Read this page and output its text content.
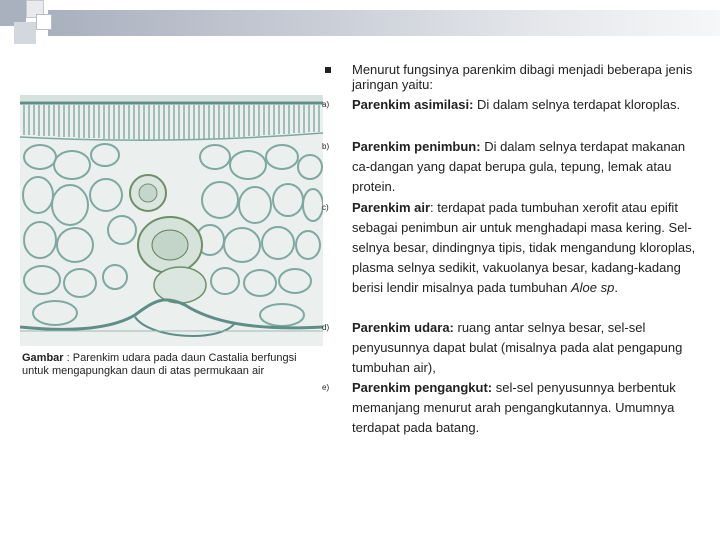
Gambar : Parenkim udara pada daun Castalia berfungsi untuk mengapungkan daun di atas permukaan air
Menurut fungsinya parenkim dibagi menjadi beberapa jenis jaringan yaitu:
a) Parenkim asimilasi: Di dalam selnya terdapat kloroplas.
b) Parenkim penimbun: Di dalam selnya terdapat makanan ca-dangan yang dapat berupa gula, tepung, lemak atau protein.
c) Parenkim air: terdapat pada tumbuhan xerofit atau epifit sebagai penimbun air untuk menghadapi masa kering. Sel-selnya besar, dindingnya tipis, tidak mengandung kloroplas, plasma selnya sedikit, vakuolanya besar, kadang-kadang berisi lendir misalnya pada tumbuhan Aloe sp.
d) Parenkim udara: ruang antar selnya besar, sel-sel penyusunnya dapat bulat (misalnya pada alat pengapung tumbuhan air),
e) Parenkim pengangkut: sel-sel penyusunnya berbentuk memanjang menurut arah pengangkutannya. Umumnya terdapat pada batang.
